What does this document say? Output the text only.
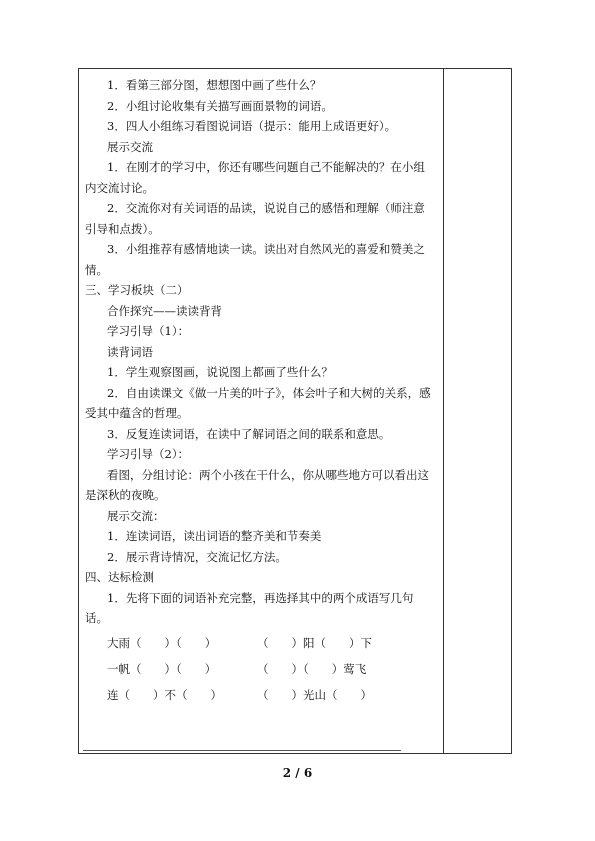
1．看第三部分图，想想图中画了些什么？
2．小组讨论收集有关描写画面景物的词语。
3．四人小组练习看图说词语（提示：能用上成语更好）。
展示交流
1．在刚才的学习中，你还有哪些问题自己不能解决的？在小组内交流讨论。
2．交流你对有关词语的品读，说说自己的感悟和理解（师注意引导和点拨）。
3．小组推荐有感情地读一读。读出对自然风光的喜爱和赞美之情。
三、学习板块（二）
合作探究——读读背背
学习引导（1）：
读背词语
1．学生观察图画，说说图上都画了些什么？
2．自由读课文《做一片美的叶子》，体会叶子和大树的关系，感受其中蕴含的哲理。
3．反复连读词语，在读中了解词语之间的联系和意思。
学习引导（2）：
看图，分组讨论：两个小孩在干什么，你从哪些地方可以看出这是深秋的夜晚。
展示交流：
1．连读词语，读出词语的整齐美和节奏美
2．展示背诗情况，交流记忆方法。
四、达标检测
1．先将下面的词语补充完整，再选择其中的两个成语写几句话。
大雨（　　）（　　）	（　　）阳（　　）下
一帆（　　）（　　）	（　　）（　　）莺飞
连（　　）不（　　）	（　　）光山（　　）
2 / 6
